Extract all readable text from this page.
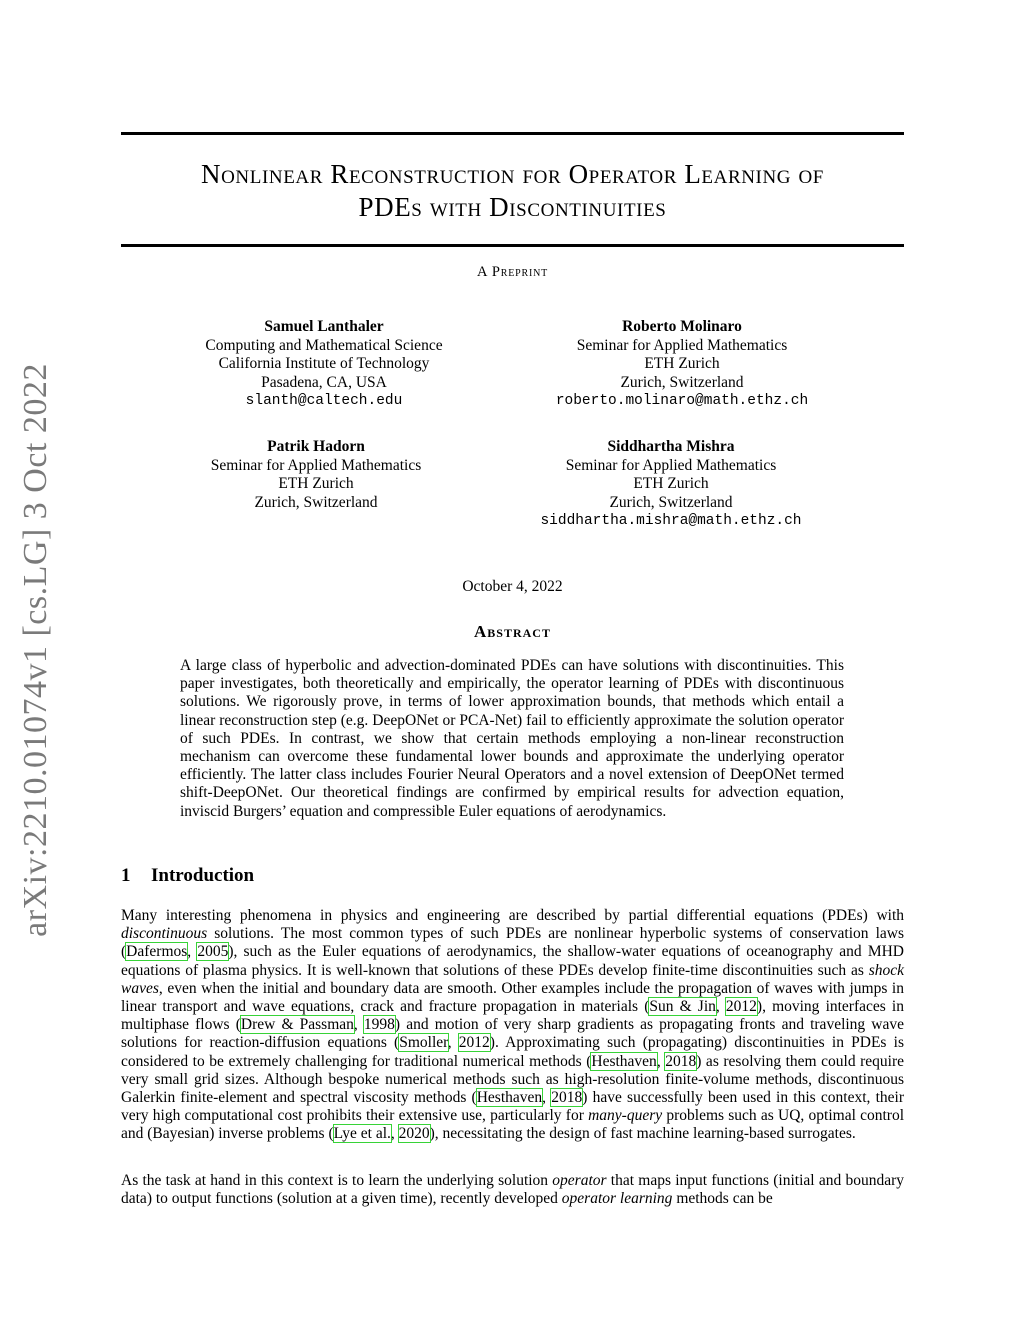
arXiv:2210.01074v1 [cs.LG] 3 Oct 2022
Nonlinear Reconstruction for Operator Learning of
PDEs with Discontinuities
A Preprint
Samuel Lanthaler
Computing and Mathematical Science
California Institute of Technology
Pasadena, CA, USA
slanth@caltech.edu
Roberto Molinaro
Seminar for Applied Mathematics
ETH Zurich
Zurich, Switzerland
roberto.molinaro@math.ethz.ch
Patrik Hadorn
Seminar for Applied Mathematics
ETH Zurich
Zurich, Switzerland
Siddhartha Mishra
Seminar for Applied Mathematics
ETH Zurich
Zurich, Switzerland
siddhartha.mishra@math.ethz.ch
October 4, 2022
Abstract
A large class of hyperbolic and advection-dominated PDEs can have solutions with discontinuities. This paper investigates, both theoretically and empirically, the operator learning of PDEs with discontinuous solutions. We rigorously prove, in terms of lower approximation bounds, that methods which entail a linear reconstruction step (e.g. DeepONet or PCA-Net) fail to efficiently approximate the solution operator of such PDEs. In contrast, we show that certain methods employing a non-linear reconstruction mechanism can overcome these fundamental lower bounds and approximate the underlying operator efficiently. The latter class includes Fourier Neural Operators and a novel extension of DeepONet termed shift-DeepONet. Our theoretical findings are confirmed by empirical results for advection equation, inviscid Burgers’ equation and compressible Euler equations of aerodynamics.
1 Introduction
Many interesting phenomena in physics and engineering are described by partial differential equations (PDEs) with discontinuous solutions. The most common types of such PDEs are nonlinear hyperbolic systems of conservation laws (Dafermos, 2005), such as the Euler equations of aerodynamics, the shallow-water equations of oceanography and MHD equations of plasma physics. It is well-known that solutions of these PDEs develop finite-time discontinuities such as shock waves, even when the initial and boundary data are smooth. Other examples include the propagation of waves with jumps in linear transport and wave equations, crack and fracture propagation in materials (Sun & Jin, 2012), moving interfaces in multiphase flows (Drew & Passman, 1998) and motion of very sharp gradients as propagating fronts and traveling wave solutions for reaction-diffusion equations (Smoller, 2012). Approximating such (propagating) discontinuities in PDEs is considered to be extremely challenging for traditional numerical methods (Hesthaven, 2018) as resolving them could require very small grid sizes. Although bespoke numerical methods such as high-resolution finite-volume methods, discontinuous Galerkin finite-element and spectral viscosity methods (Hesthaven, 2018) have successfully been used in this context, their very high computational cost prohibits their extensive use, particularly for many-query problems such as UQ, optimal control and (Bayesian) inverse problems (Lye et al., 2020), necessitating the design of fast machine learning-based surrogates.
As the task at hand in this context is to learn the underlying solution operator that maps input functions (initial and boundary data) to output functions (solution at a given time), recently developed operator learning methods can be
